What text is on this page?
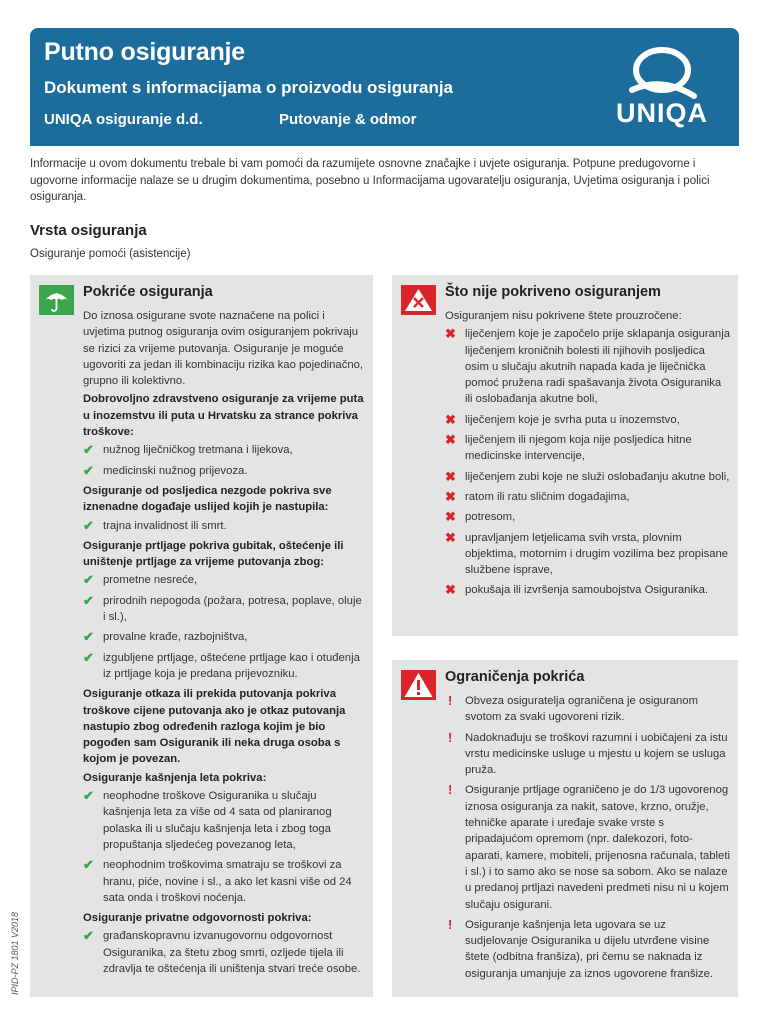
Putno osiguranje
Dokument s informacijama o proizvodu osiguranja
UNIQA osiguranje d.d.	Putovanje & odmor	UNIQA
Informacije u ovom dokumentu trebale bi vam pomoći da razumijete osnovne značajke i uvjete osiguranja. Potpune predugovorne i ugovorne informacije nalaze se u drugim dokumentima, posebno u Informacijama ugovaratelju osiguranja, Uvjetima osiguranja i polici osiguranja.
Vrsta osiguranja
Osiguranje pomoći (asistencije)
Pokriće osiguranja

Do iznosa osigurane svote naznačene na polici i uvjetima putnog osiguranja ovim osiguranjem pokrivaju se rizici za vrijeme putovanja. Osiguranje je moguće ugovoriti za jedan ili kombinaciju rizika kao pojedinačno, grupno ili kolektivno.

Dobrovoljno zdravstveno osiguranje za vrijeme puta u inozemstvu ili puta u Hrvatsku za strance pokriva troškove:

✔ nužnog liječničkog tretmana i lijekova,
✔ medicinski nužnog prijevoza.

Osiguranje od posljedica nezgode pokriva sve iznenadne događaje uslijed kojih je nastupila:

✔ trajna invalidnost ili smrt.

Osiguranje prtljage pokriva gubitak, oštećenje ili uništenje prtljage za vrijeme putovanja zbog:

✔ prometne nesreće,
✔ prirodnih nepogoda (požara, potresa, poplave, oluje i sl.),
✔ provalne krađe, razbojništva,
✔ izgubljene prtljage, oštećene prtljage kao i otuđenja iz prtljage koja je predana prijevozniku.

Osiguranje otkaza ili prekida putovanja pokriva troškove cijene putovanja ako je otkaz putovanja nastupio zbog određenih razloga kojim je bio pogođen sam Osiguranik ili neka druga osoba s kojom je povezan.

Osiguranje kašnjenja leta pokriva:

✔ neophodne troškove Osiguranika u slučaju kašnjenja leta za više od 4 sata od planiranog polaska ili u slučaju kašnjenja leta i zbog toga propuštanja sljedećeg povezanog leta,
✔ neophodnim troškovima smatraju se troškovi za hranu, piće, novine i sl., a ako let kasni više od 24 sata onda i troškovi noćenja.

Osiguranje privatne odgovornosti pokriva:

✔ građanskopravnu izvanugovornu odgovornost Osiguranika, za štetu zbog smrti, ozljede tijela ili zdravlja te oštećenja ili uništenja stvari treće osobe.
Što nije pokriveno osiguranjem

Osiguranjem nisu pokrivene štete prouzročene:

✖ liječenjem koje je započelo prije sklapanja osiguranja liječenjem kroničnih bolesti ili njihovih posljedica osim u slučaju akutnih napada kada je liječnička pomoć pružena radi spašavanja života Osiguranika ili oslobađanja akutne boli,
✖ liječenjem koje je svrha puta u inozemstvo,
✖ liječenjem ili njegom koja nije posljedica hitne medicinske intervencije,
✖ liječenjem zubi koje ne služi oslobađanju akutne boli,
✖ ratom ili ratu sličnim događajima,
✖ potresom,
✖ upravljanjem letjelicama svih vrsta, plovnim objektima, motornim i drugim vozilima bez propisane službene isprave,
✖ pokušaja ili izvršenja samoubojstva Osiguranika.
Ograničenja pokrića
! Obveza osiguratelja ograničena je osiguranom svotom za svaki ugovoreni rizik.
! Nadoknađuju se troškovi razumni i uobičajeni za istu vrstu medicinske usluge u mjestu u kojem se usluga pruža.
! Osiguranje prtljage ograničeno je do 1/3 ugovorenog iznosa osiguranja za nakit, satove, krzno, oružje, tehničke aparate i uređaje svake vrste s pripadajućom opremom (npr. dalekozori, foto-aparati, kamere, mobiteli, prijenosna računala, tableti i sl.) i to samo ako se nose sa sobom. Ako se nalaze u predanoj prtljazi navedeni predmeti nisu ni u kojem slučaju osigurani.
! Osiguranje kašnjenja leta ugovara se uz sudjelovanje Osiguranika u dijelu utvrđene visine štete (odbitna franšiza), pri čemu se naknada iz osiguranja umanjuje za iznos ugovorene franšize.
IPID-PZ 1801 V2018
